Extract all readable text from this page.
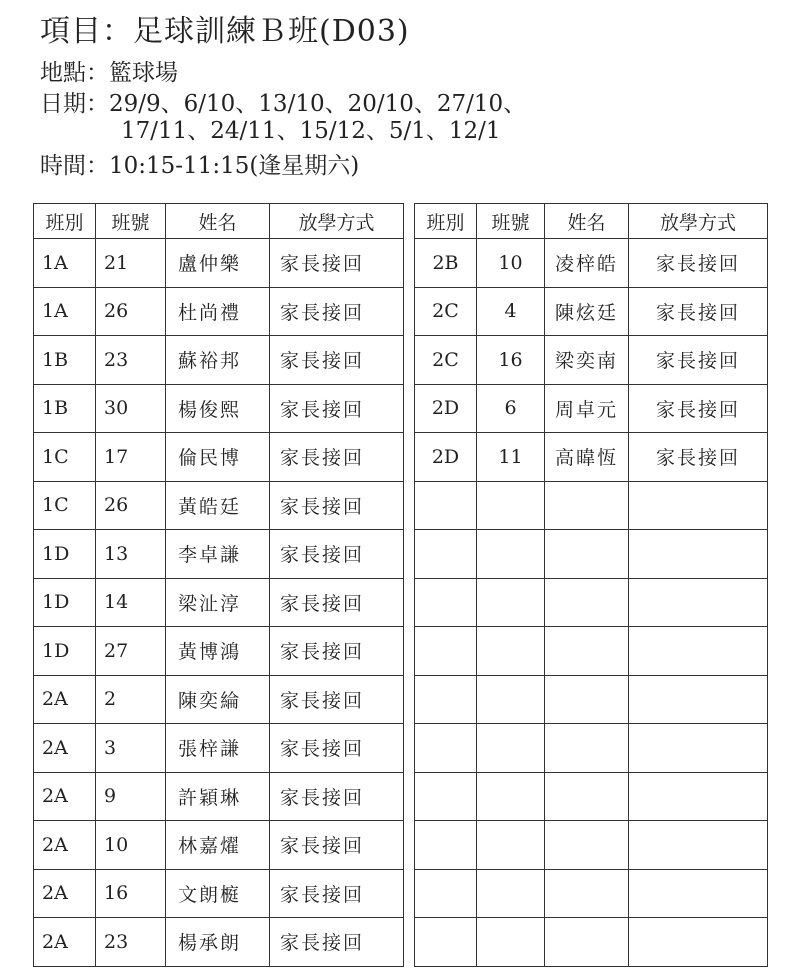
項目：足球訓練Ｂ班(D03)
地點：籃球場
日期：29/9、6/10、13/10、20/10、27/10、
17/11、24/11、15/12、5/1、12/1
時間：10:15-11:15(逢星期六)
班別	班號	姓名	放學方式
1A	21	盧仲樂	家長接回
1A	26	杜尚禮	家長接回
1B	23	蘇裕邦	家長接回
1B	30	楊俊熙	家長接回
1C	17	倫民博	家長接回
1C	26	黃皓廷	家長接回
1D	13	李卓謙	家長接回
1D	14	梁沚淳	家長接回
1D	27	黃博鴻	家長接回
2A	2	陳奕綸	家長接回
2A	3	張梓謙	家長接回
2A	9	許穎琳	家長接回
2A	10	林嘉燿	家長接回
2A	16	文朗榳	家長接回
2A	23	楊承朗	家長接回
班別	班號	姓名	放學方式
2B	10	凌梓皓	家長接回
2C	4	陳炫廷	家長接回
2C	16	梁奕南	家長接回
2D	6	周卓元	家長接回
2D	11	高暐恆	家長接回
